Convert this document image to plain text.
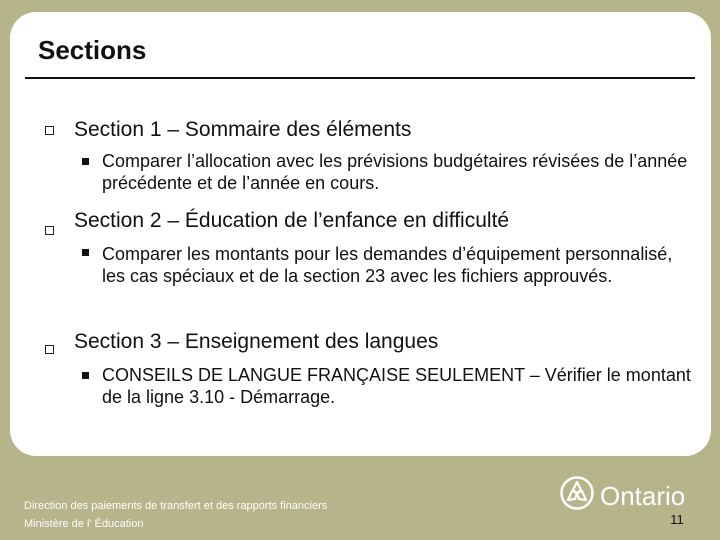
Sections
Section 1 – Sommaire des éléments
Comparer l’allocation avec les prévisions budgétaires révisées de l’année précédente et de l’année en cours.
Section 2 – Éducation de l’enfance en difficulté
Comparer les montants pour les demandes d’équipement personnalisé, les cas spéciaux et de la section 23 avec les fichiers approuvés.
Section 3 – Enseignement des langues
CONSEILS DE LANGUE FRANÇAISE SEULEMENT – Vérifier le montant de la ligne 3.10 - Démarrage.
Direction des paiements de transfert et des rapports financiers
Ministère de l’ Éducation
Ontario
11
